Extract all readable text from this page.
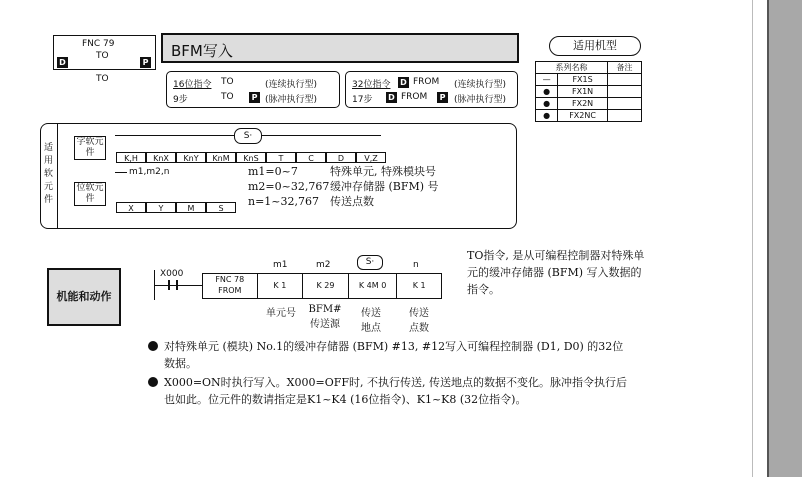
FNC 79
TO
D	P
TO
BFM写入
16位指令 TO	(连续执行型)
9步	TO	P (脉冲执行型)
32位指令 D FROM (连续执行型)
17步 D FROM	P (脉冲执行型)
适用机型
系列名称		备注
—	FX1S	
●	FX1N	
●	FX2N	
●	FX2NC	
适用软元件
字软元件
S·
K,H KnX KnY KnM KnS T	C	D	V,Z
m1,m2,n
位软元件
X	Y	M	S
m1=0~7	特殊单元, 特殊模块号
m2=0~32,767缓冲存储器 (BFM) 号
n=1~32,767 传送点数
机能和动作
X000
m1	m2	S·	n
FNC 78
FROM
K 1	K 29	K 4M 0	K 1
单元号	BFM#
传送源
传送
地点
传送
点数
TO指令, 是从可编程控制器对特殊单元的缓冲存储器 (BFM) 写入数据的指令。
对特殊单元 (模块) No.1的缓冲存储器 (BFM) #13, #12写入可编程控制器 (D1, D0) 的32位数据。
X000=ON时执行写入。X000=OFF时, 不执行传送, 传送地点的数据不变化。脉冲指令执行后也如此。位元件的数请指定是K1~K4 (16位指令)、K1~K8 (32位指令)。
